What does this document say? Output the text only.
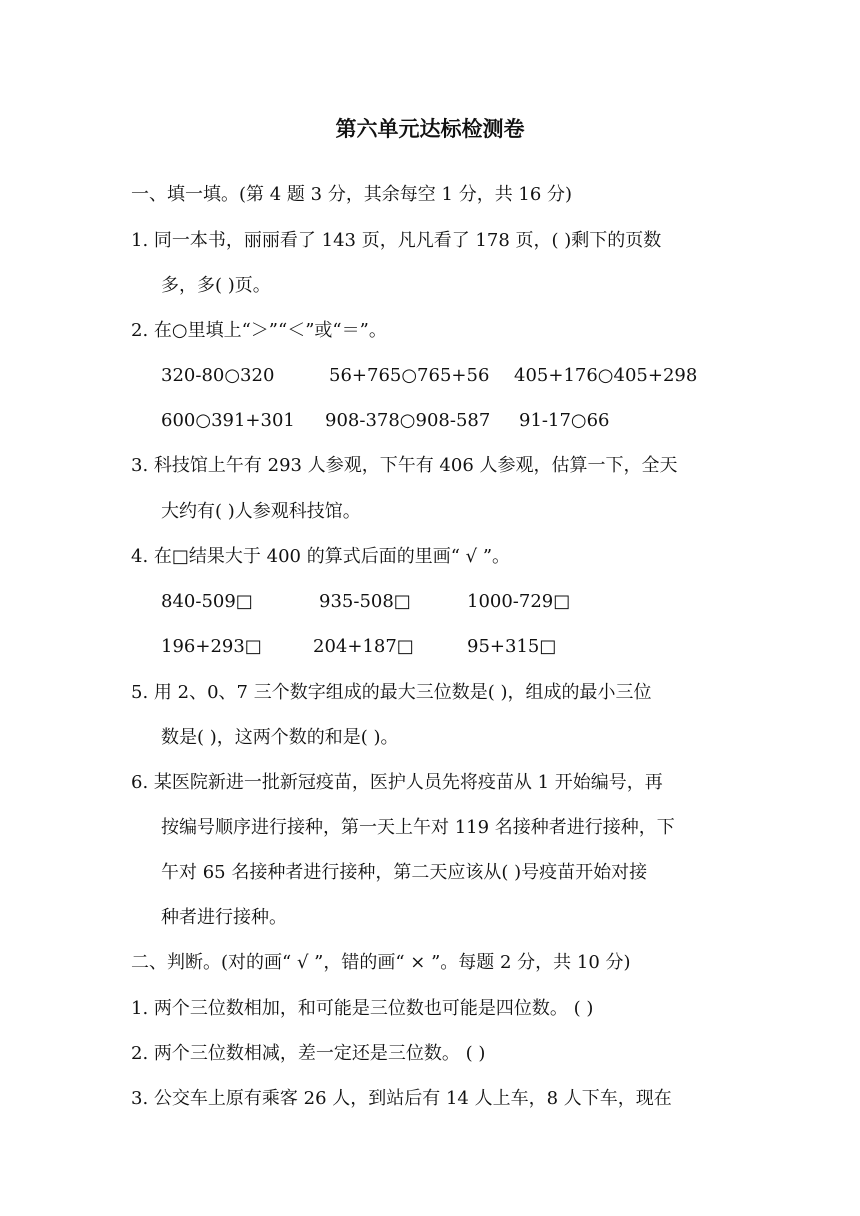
第六单元达标检测卷
一、填一填。(第 4 题 3 分，其余每空 1 分，共 16 分)
1. 同一本书，丽丽看了 143 页，凡凡看了 178 页，( )剩下的页数
多，多( )页。
2. 在○里填上“＞”“＜”或“＝”。
320-80○320	56+765○765+56 405+176○405+298
600○391+301 908-378○908-587 91-17○66
3. 科技馆上午有 293 人参观，下午有 406 人参观，估算一下，全天
大约有( )人参观科技馆。
4. 在□结果大于 400 的算式后面的里画“ √ ”。
840-509□	935-508□	1000-729□
196+293□	204+187□	95+315□
5. 用 2、0、7 三个数字组成的最大三位数是( )，组成的最小三位
数是( )，这两个数的和是( )。
6. 某医院新进一批新冠疫苗，医护人员先将疫苗从 1 开始编号，再
按编号顺序进行接种，第一天上午对 119 名接种者进行接种，下
午对 65 名接种者进行接种，第二天应该从( )号疫苗开始对接
种者进行接种。
二、判断。(对的画“ √ ”，错的画“ × ”。每题 2 分，共 10 分)
1. 两个三位数相加，和可能是三位数也可能是四位数。 ( )
2. 两个三位数相减，差一定还是三位数。 ( )
3. 公交车上原有乘客 26 人，到站后有 14 人上车，8 人下车，现在
